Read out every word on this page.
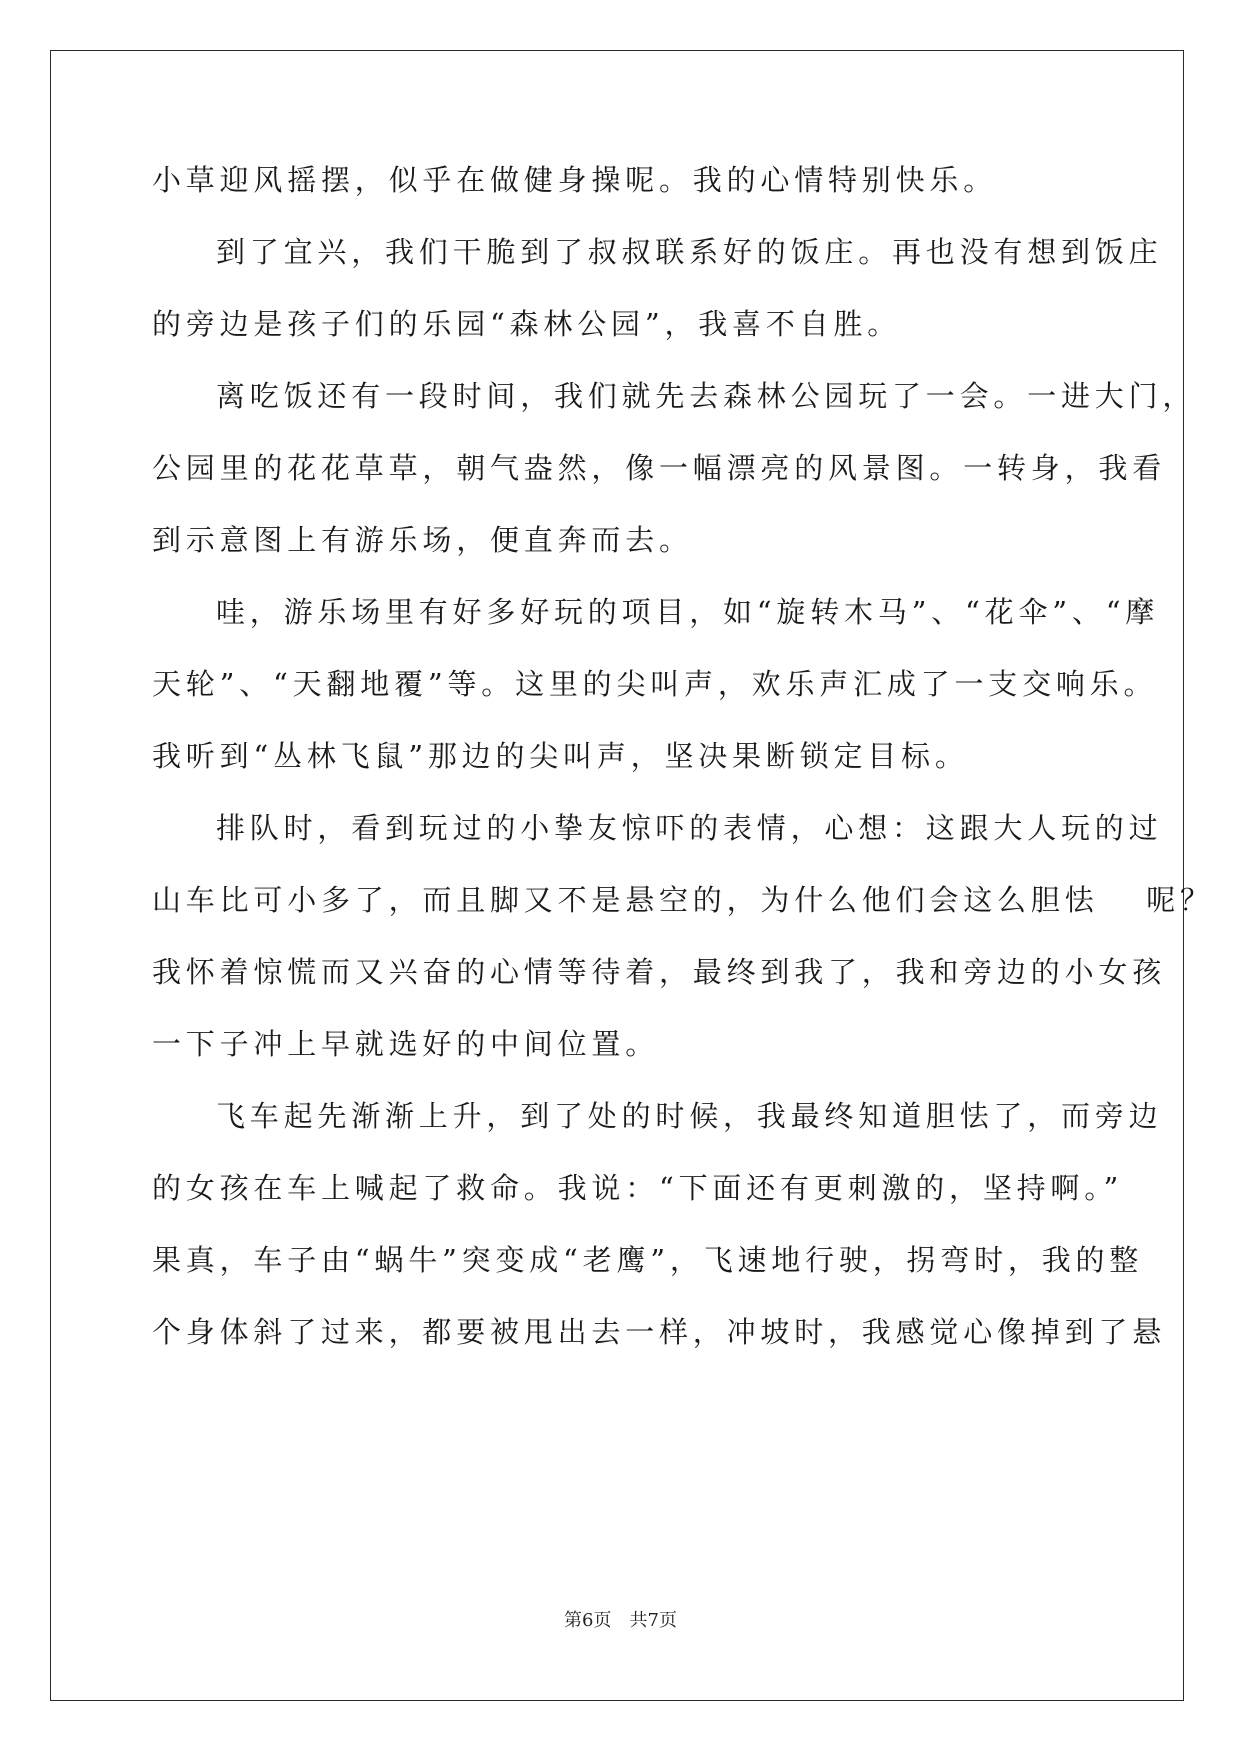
小草迎风摇摆，似乎在做健身操呢。我的心情特别快乐。
到了宜兴，我们干脆到了叔叔联系好的饭庄。再也没有想到饭庄
的旁边是孩子们的乐园“森林公园”，我喜不自胜。
离吃饭还有一段时间，我们就先去森林公园玩了一会。一进大门，
公园里的花花草草，朝气盎然，像一幅漂亮的风景图。一转身，我看
到示意图上有游乐场，便直奔而去。
哇，游乐场里有好多好玩的项目，如“旋转木马”、“花伞”、“摩
天轮”、“天翻地覆”等。这里的尖叫声，欢乐声汇成了一支交响乐。
我听到“丛林飞鼠”那边的尖叫声，坚决果断锁定目标。
排队时，看到玩过的小挚友惊吓的表情，心想：这跟大人玩的过
山车比可小多了，而且脚又不是悬空的，为什么他们会这么胆怯　 呢？
我怀着惊慌而又兴奋的心情等待着，最终到我了，我和旁边的小女孩
一下子冲上早就选好的中间位置。
飞车起先渐渐上升，到了处的时候，我最终知道胆怯了，而旁边
的女孩在车上喊起了救命。我说：“下面还有更刺激的，坚持啊。”
果真，车子由“蜗牛”突变成“老鹰”，飞速地行驶，拐弯时，我的整
个身体斜了过来，都要被甩出去一样，冲坡时，我感觉心像掉到了悬
第6页 共7页
